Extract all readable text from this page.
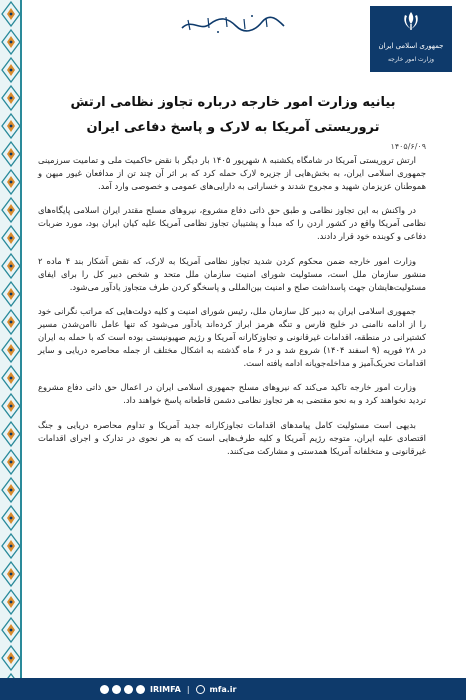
جمهوری اسلامی ایران
وزارت امور خارجه
بیانیه وزارت امور خارجه درباره تجاوز نظامی ارتش تروریستی آمریکا به لارک و پاسخ دفاعی ایران
۱۴۰۵/۶/۰۹

ارتش تروریستی آمریکا در شامگاه یکشنبه ۸ شهریور ۱۴۰۵ بار دیگر با نقض حاکمیت ملی و تمامیت سرزمینی جمهوری اسلامی ایران، به بخش‌هایی از جزیره لارک حمله کرد که بر اثر آن چند تن از مدافعان غیور میهن و هموطنان عزیزمان شهید و مجروح شدند و خساراتی به دارایی‌های عمومی و خصوصی وارد آمد.

در واکنش به این تجاوز نظامی و طبق حق ذاتی دفاع مشروع، نیروهای مسلح مقتدر ایران اسلامی پایگاه‌های نظامی آمریکا واقع در کشور اردن را که مبدأ و پشتیبان تجاوز نظامی آمریکا علیه کیان ایران بود، مورد ضربات دفاعی و کوبنده خود قرار دادند.

وزارت امور خارجه ضمن محکوم کردن شدید تجاوز نظامی آمریکا به لارک، که نقض آشکار بند ۴ ماده ۲ منشور سازمان ملل است، مسئولیت شورای امنیت سازمان ملل متحد و شخص دبیر کل را برای ایفای مسئولیت‌هایشان جهت پاسداشت صلح و امنیت بین‌المللی و پاسخگو کردن طرف متجاوز یادآور می‌شود.

جمهوری اسلامی ایران به دبیر کل سازمان ملل، رئیس شورای امنیت و کلیه دولت‌هایی که مراتب نگرانی خود را از ادامه ناامنی در خلیج فارس و تنگه هرمز ابراز کرده‌اند یادآور می‌شود که تنها عامل ناامن‌شدن مسیر کشتیرانی در منطقه، اقدامات غیرقانونی و تجاوزکارانه آمریکا و رژیم صهیونیستی بوده است که با حمله به ایران در ۲۸ فوریه (۹ اسفند ۱۴۰۴) شروع شد و در ۶ ماه گذشته به اشکال مختلف از جمله محاصره دریایی و سایر اقدامات تحریک‌آمیز و مداخله‌جویانه ادامه یافته است.

وزارت امور خارجه تاکید می‌کند که نیروهای مسلح جمهوری اسلامی ایران در اعمال حق ذاتی دفاع مشروع تردید نخواهند کرد و به نحو مقتضی به هر تجاوز نظامی دشمن قاطعانه پاسخ خواهند داد.

بدیهی است مسئولیت کامل پیامدهای اقدامات تجاوزکارانه جدید آمریکا و تداوم محاصره دریایی و جنگ اقتصادی علیه ایران، متوجه رژیم آمریکا و کلیه طرف‌هایی است که به هر نحوی در تدارک و اجرای اقدامات غیرقانونی و متخلفانه آمریکا همدستی و مشارکت می‌کنند.

IRIMFA |	mfa.ir
